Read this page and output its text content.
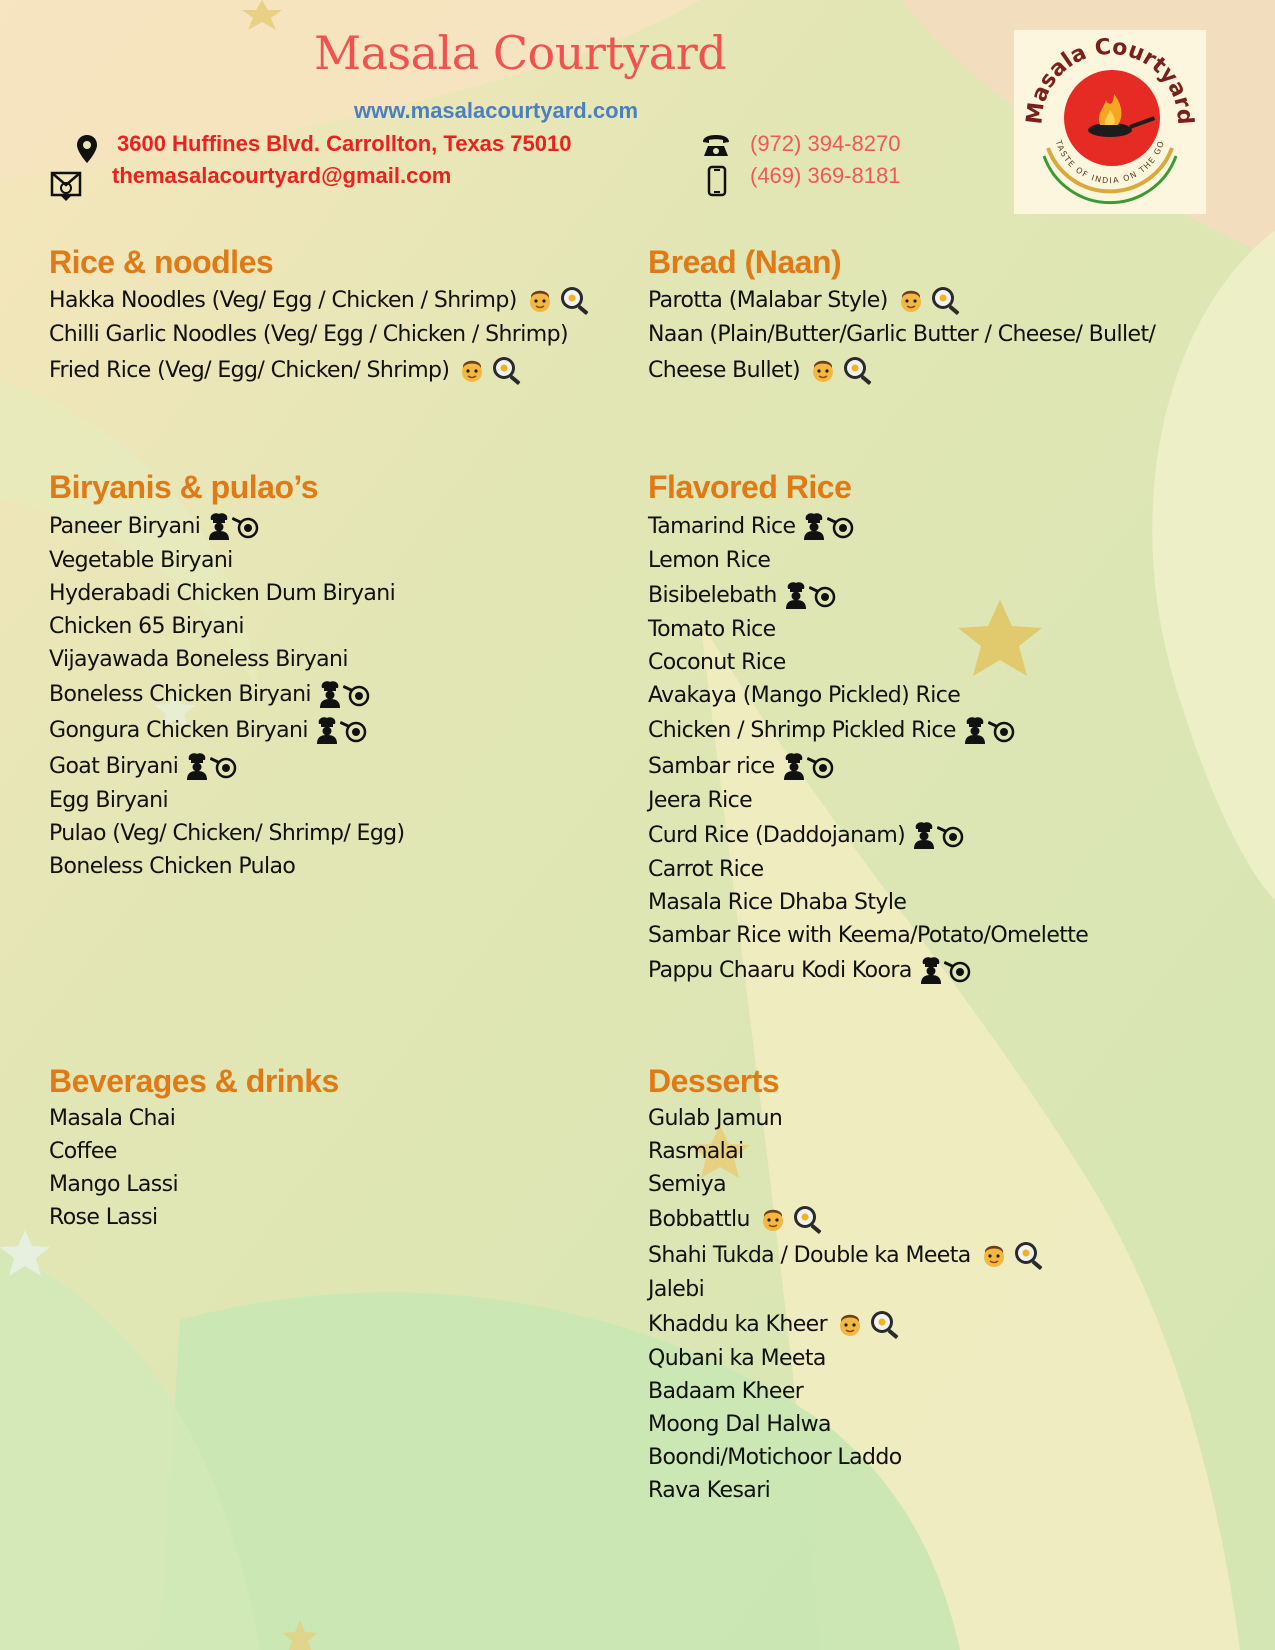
Masala Courtyard
www.masalacourtyard.com
3600 Huffines Blvd. Carrollton, Texas 75010
themasalacourtyard@gmail.com
(972) 394-8270
(469) 369-8181
Masala Courtyard
TASTE OF INDIA ON THE GO
Rice & noodles
Hakka Noodles (Veg/ Egg / Chicken / Shrimp)
Chilli Garlic Noodles (Veg/ Egg / Chicken / Shrimp)
Fried Rice (Veg/ Egg/ Chicken/ Shrimp)
Bread (Naan)
Parotta (Malabar Style)
Naan (Plain/Butter/Garlic Butter / Cheese/ Bullet/
Cheese Bullet)
Biryanis & pulao’s
Paneer Biryani
Vegetable Biryani
Hyderabadi Chicken Dum Biryani
Chicken 65 Biryani
Vijayawada Boneless Biryani
Boneless Chicken Biryani
Gongura Chicken Biryani
Goat Biryani
Egg Biryani
Pulao (Veg/ Chicken/ Shrimp/ Egg)
Boneless Chicken Pulao
Flavored Rice
Tamarind Rice
Lemon Rice
Bisibelebath
Tomato Rice
Coconut Rice
Avakaya (Mango Pickled) Rice
Chicken / Shrimp Pickled Rice
Sambar rice
Jeera Rice
Curd Rice (Daddojanam)
Carrot Rice
Masala Rice Dhaba Style
Sambar Rice with Keema/Potato/Omelette
Pappu Chaaru Kodi Koora
Beverages & drinks
Masala Chai
Coffee
Mango Lassi
Rose Lassi
Desserts
Gulab Jamun
Rasmalai
Semiya
Bobbattlu
Shahi Tukda / Double ka Meeta
Jalebi
Khaddu ka Kheer
Qubani ka Meeta
Badaam Kheer
Moong Dal Halwa
Boondi/Motichoor Laddo
Rava Kesari
